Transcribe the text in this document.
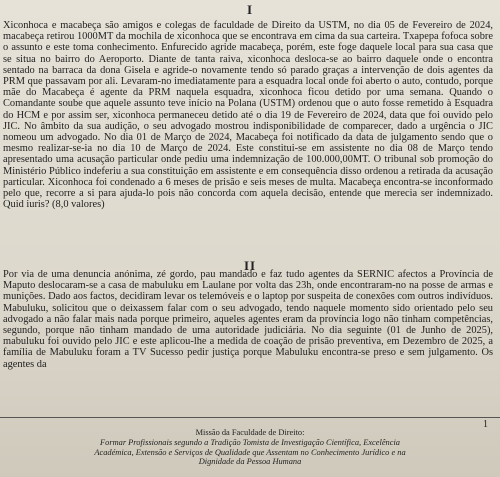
I

Xiconhoca e macabeça são amigos e colegas de faculdade de Direito da USTM, no dia 05 de Fevereiro de 2024, macabeça retirou 1000MT da mochila de xiconhoca que se encontrava em cima da sua carteira. Txapepa fofoca sobre o assunto e este toma conhecimento. Enfurecido agride macabeça, porém, este foge daquele local para sua casa que se situa no bairro do Aeroporto. Diante de tanta raiva, xiconhoca desloca-se ao bairro daquele onde o encontra sentado na barraca da dona Gisela e agride-o novamente tendo só parado graças a intervenção de dois agentes da PRM que passavam por ali. Levaram-no imediatamente para a esquadra local onde foi aberto o auto, contudo, porque mãe do Macabeça é agente da PRM naquela esquadra, xiconhoca ficou detido por uma semana. Quando o Comandante soube que aquele assunto teve início na Polana (USTM) ordenou que o auto fosse remetido à Esquadra do HCM e por assim ser, xiconhoca permaneceu detido até o dia 19 de Fevereiro de 2024, data que foi ouvido pelo JIC. No âmbito da sua audição, o seu advogado mostrou indisponibilidade de comparecer, dado a urgência o JIC nomeou um advogado. No dia 01 de Março de 2024, Macabeça foi notificado da data de julgamento sendo que o mesmo realizar-se-ia no dia 10 de Março de 2024. Este constitui-se em assistente no dia 08 de Março tendo apresentado uma acusação particular onde pediu uma indemnização de 100.000,00MT. O tribunal sob promoção do Ministério Público indeferiu a sua constituição em assistente e em consequência disso ordenou a retirada da acusação particular. Xiconhoca foi condenado a 6 meses de prisão e seis meses de multa. Macabeça encontra-se inconformado pelo que, recorre a si para ajuda-lo pois não concorda com aquela decisão, entende que merecia ser indemnizado. Quid iuris? (8,0 valores)

II

Por via de uma denuncia anónima, zé gordo, pau mandado e faz tudo agentes da SERNIC afectos a Província de Maputo deslocaram-se a casa de mabuluku em Laulane por volta das 23h, onde encontraram-no na posse de armas e munições. Dado aos factos, decidiram levar os telemóveis e o laptop por suspeita de conexões com outros indivíduos. Mabuluku, solicitou que o deixassem falar com o seu advogado, tendo naquele momento sido orientado pelo seu advogado a não falar mais nada porque primeiro, aqueles agentes eram da província logo não tinham competências, segundo, porque não tinham mandado de uma autoridade judiciária. No dia seguinte (01 de Junho de 2025), mabuluku foi ouvido pelo JIC e este aplicou-lhe a medida de coação de prisão preventiva, em Dezembro de 2025, a família de Mabuluku foram a TV Sucesso pedir justiça porque Mabuluku encontra-se preso e sem julgamento. Os agentes da

1
Missão da Faculdade de Direito:
Formar Profissionais segundo a Tradição Tomista de Investigação Científica, Excelência
Académica, Extensão e Serviços de Qualidade que Assentam no Conhecimento Jurídico e na
Dignidade da Pessoa Humana
